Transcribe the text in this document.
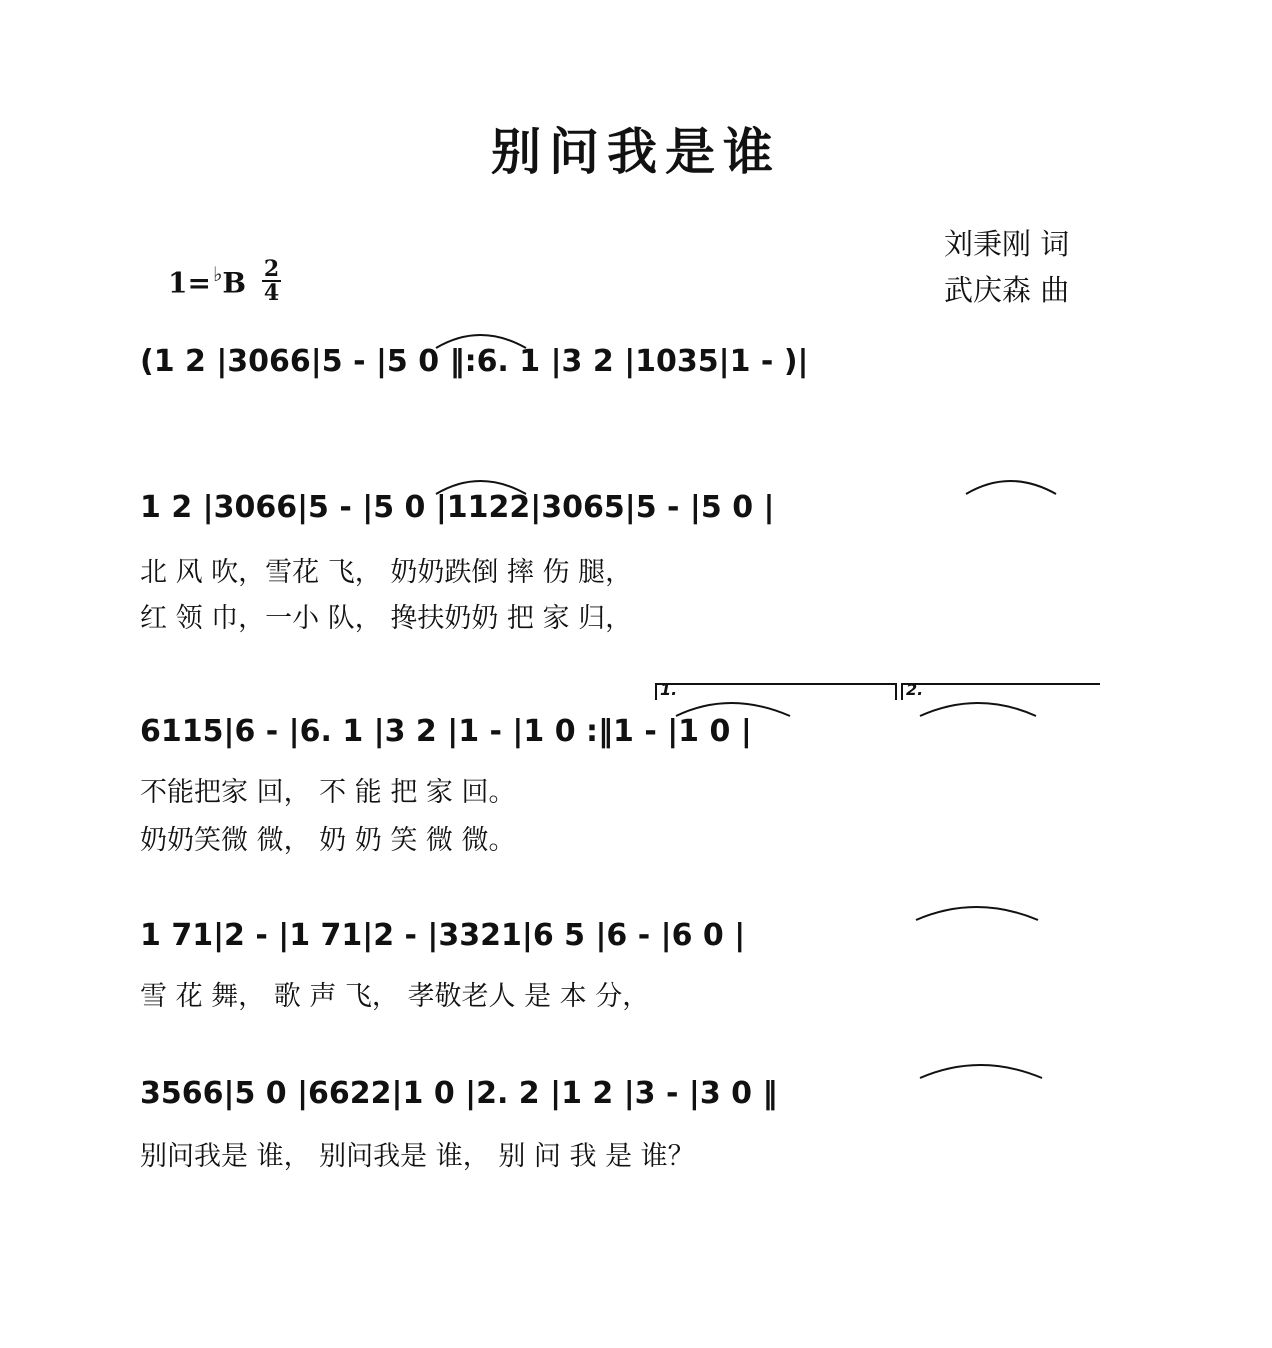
别问我是谁
刘秉刚 词
武庆森 曲
$1= ^♭B \frac{2}{4}$
(1 2 |3066|5 - |5 0 ‖:6. 1 |3 2 |1035|1 - )|
1 2 |3066|5 - |5 0 |1122|3065|5 - |5 0 |
北 风 吹，雪花 飞， 奶奶跌倒 摔 伤 腿，
红 领 巾，一小 队， 搀扶奶奶 把 家 归，
1.	2.
6115|6 - |6. 1 |3 2 |1 - |1 0 :‖1 - |1 0 |
不能把家 回， 不 能 把 家 回。
奶奶笑微 微， 奶 奶 笑 微 微。
1 71|2 - |1 71|2 - |3321|6 5 |6 - |6 0 |
雪 花 舞， 歌 声 飞， 孝敬老人 是 本 分，
3566|5 0 |6622|1 0 |2. 2 |1 2 |3 - |3 0 ‖
别问我是 谁， 别问我是 谁， 别 问 我 是 谁？
